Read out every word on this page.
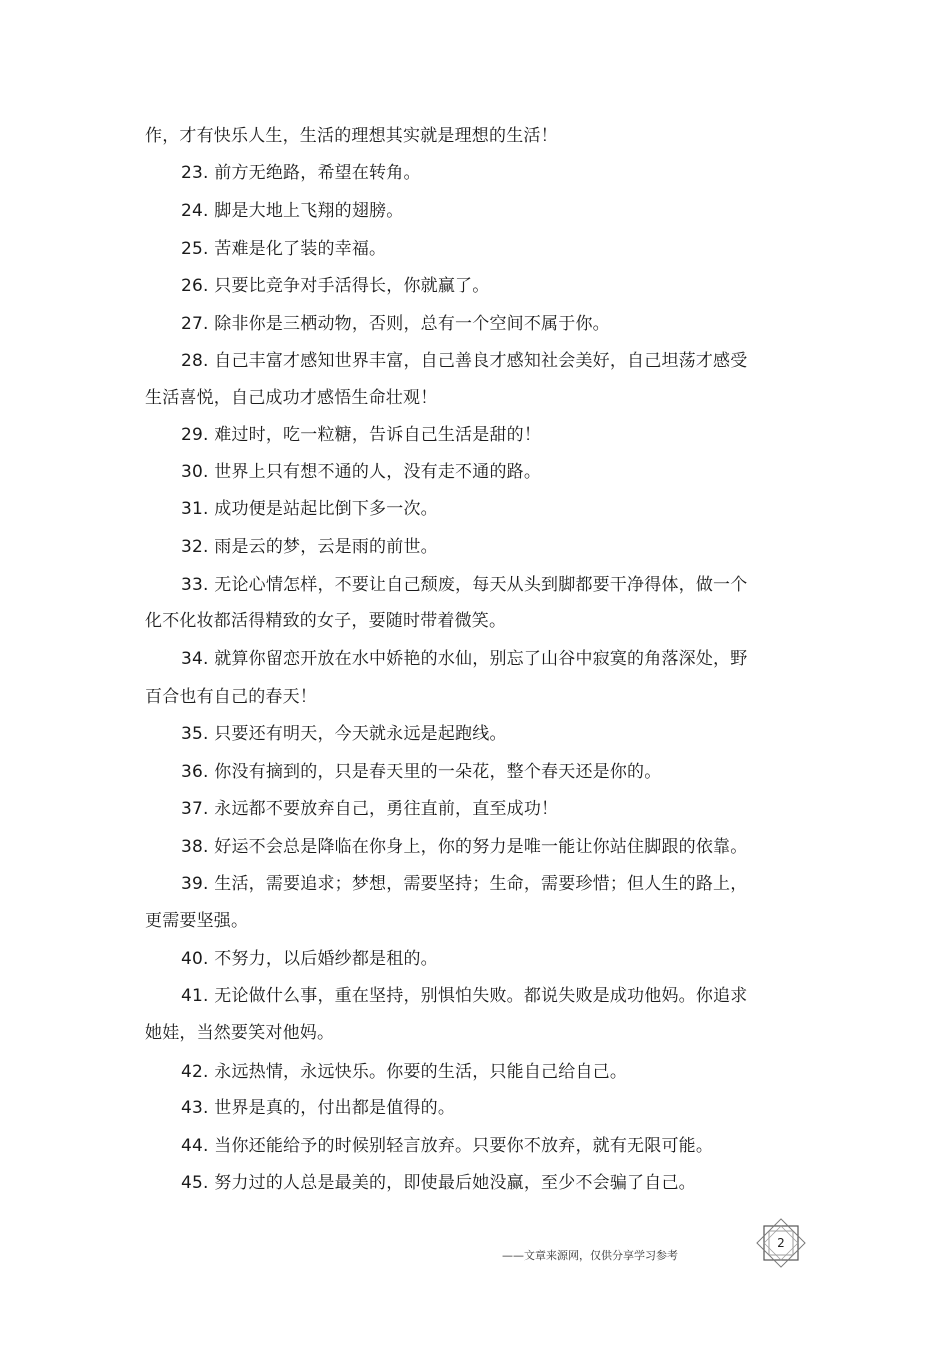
作，才有快乐人生，生活的理想其实就是理想的生活！
23. 前方无绝路，希望在转角。
24. 脚是大地上飞翔的翅膀。
25. 苦难是化了装的幸福。
26. 只要比竞争对手活得长，你就赢了。
27. 除非你是三栖动物，否则，总有一个空间不属于你。
28. 自己丰富才感知世界丰富，自己善良才感知社会美好，自己坦荡才感受
生活喜悦，自己成功才感悟生命壮观！
29. 难过时，吃一粒糖，告诉自己生活是甜的！
30. 世界上只有想不通的人，没有走不通的路。
31. 成功便是站起比倒下多一次。
32. 雨是云的梦，云是雨的前世。
33. 无论心情怎样，不要让自己颓废，每天从头到脚都要干净得体，做一个
化不化妆都活得精致的女子，要随时带着微笑。
34. 就算你留恋开放在水中娇艳的水仙，别忘了山谷中寂寞的角落深处，野
百合也有自己的春天！
35. 只要还有明天，今天就永远是起跑线。
36. 你没有摘到的，只是春天里的一朵花，整个春天还是你的。
37. 永远都不要放弃自己，勇往直前，直至成功！
38. 好运不会总是降临在你身上，你的努力是唯一能让你站住脚跟的依靠。
39. 生活，需要追求；梦想，需要坚持；生命，需要珍惜；但人生的路上，
更需要坚强。
40. 不努力，以后婚纱都是租的。
41. 无论做什么事，重在坚持，别惧怕失败。都说失败是成功他妈。你追求
她娃，当然要笑对他妈。
42. 永远热情，永远快乐。你要的生活，只能自己给自己。
43. 世界是真的，付出都是值得的。
44. 当你还能给予的时候别轻言放弃。只要你不放弃，就有无限可能。
45. 努力过的人总是最美的，即使最后她没赢，至少不会骗了自己。
——文章来源网，仅供分享学习参考
2
